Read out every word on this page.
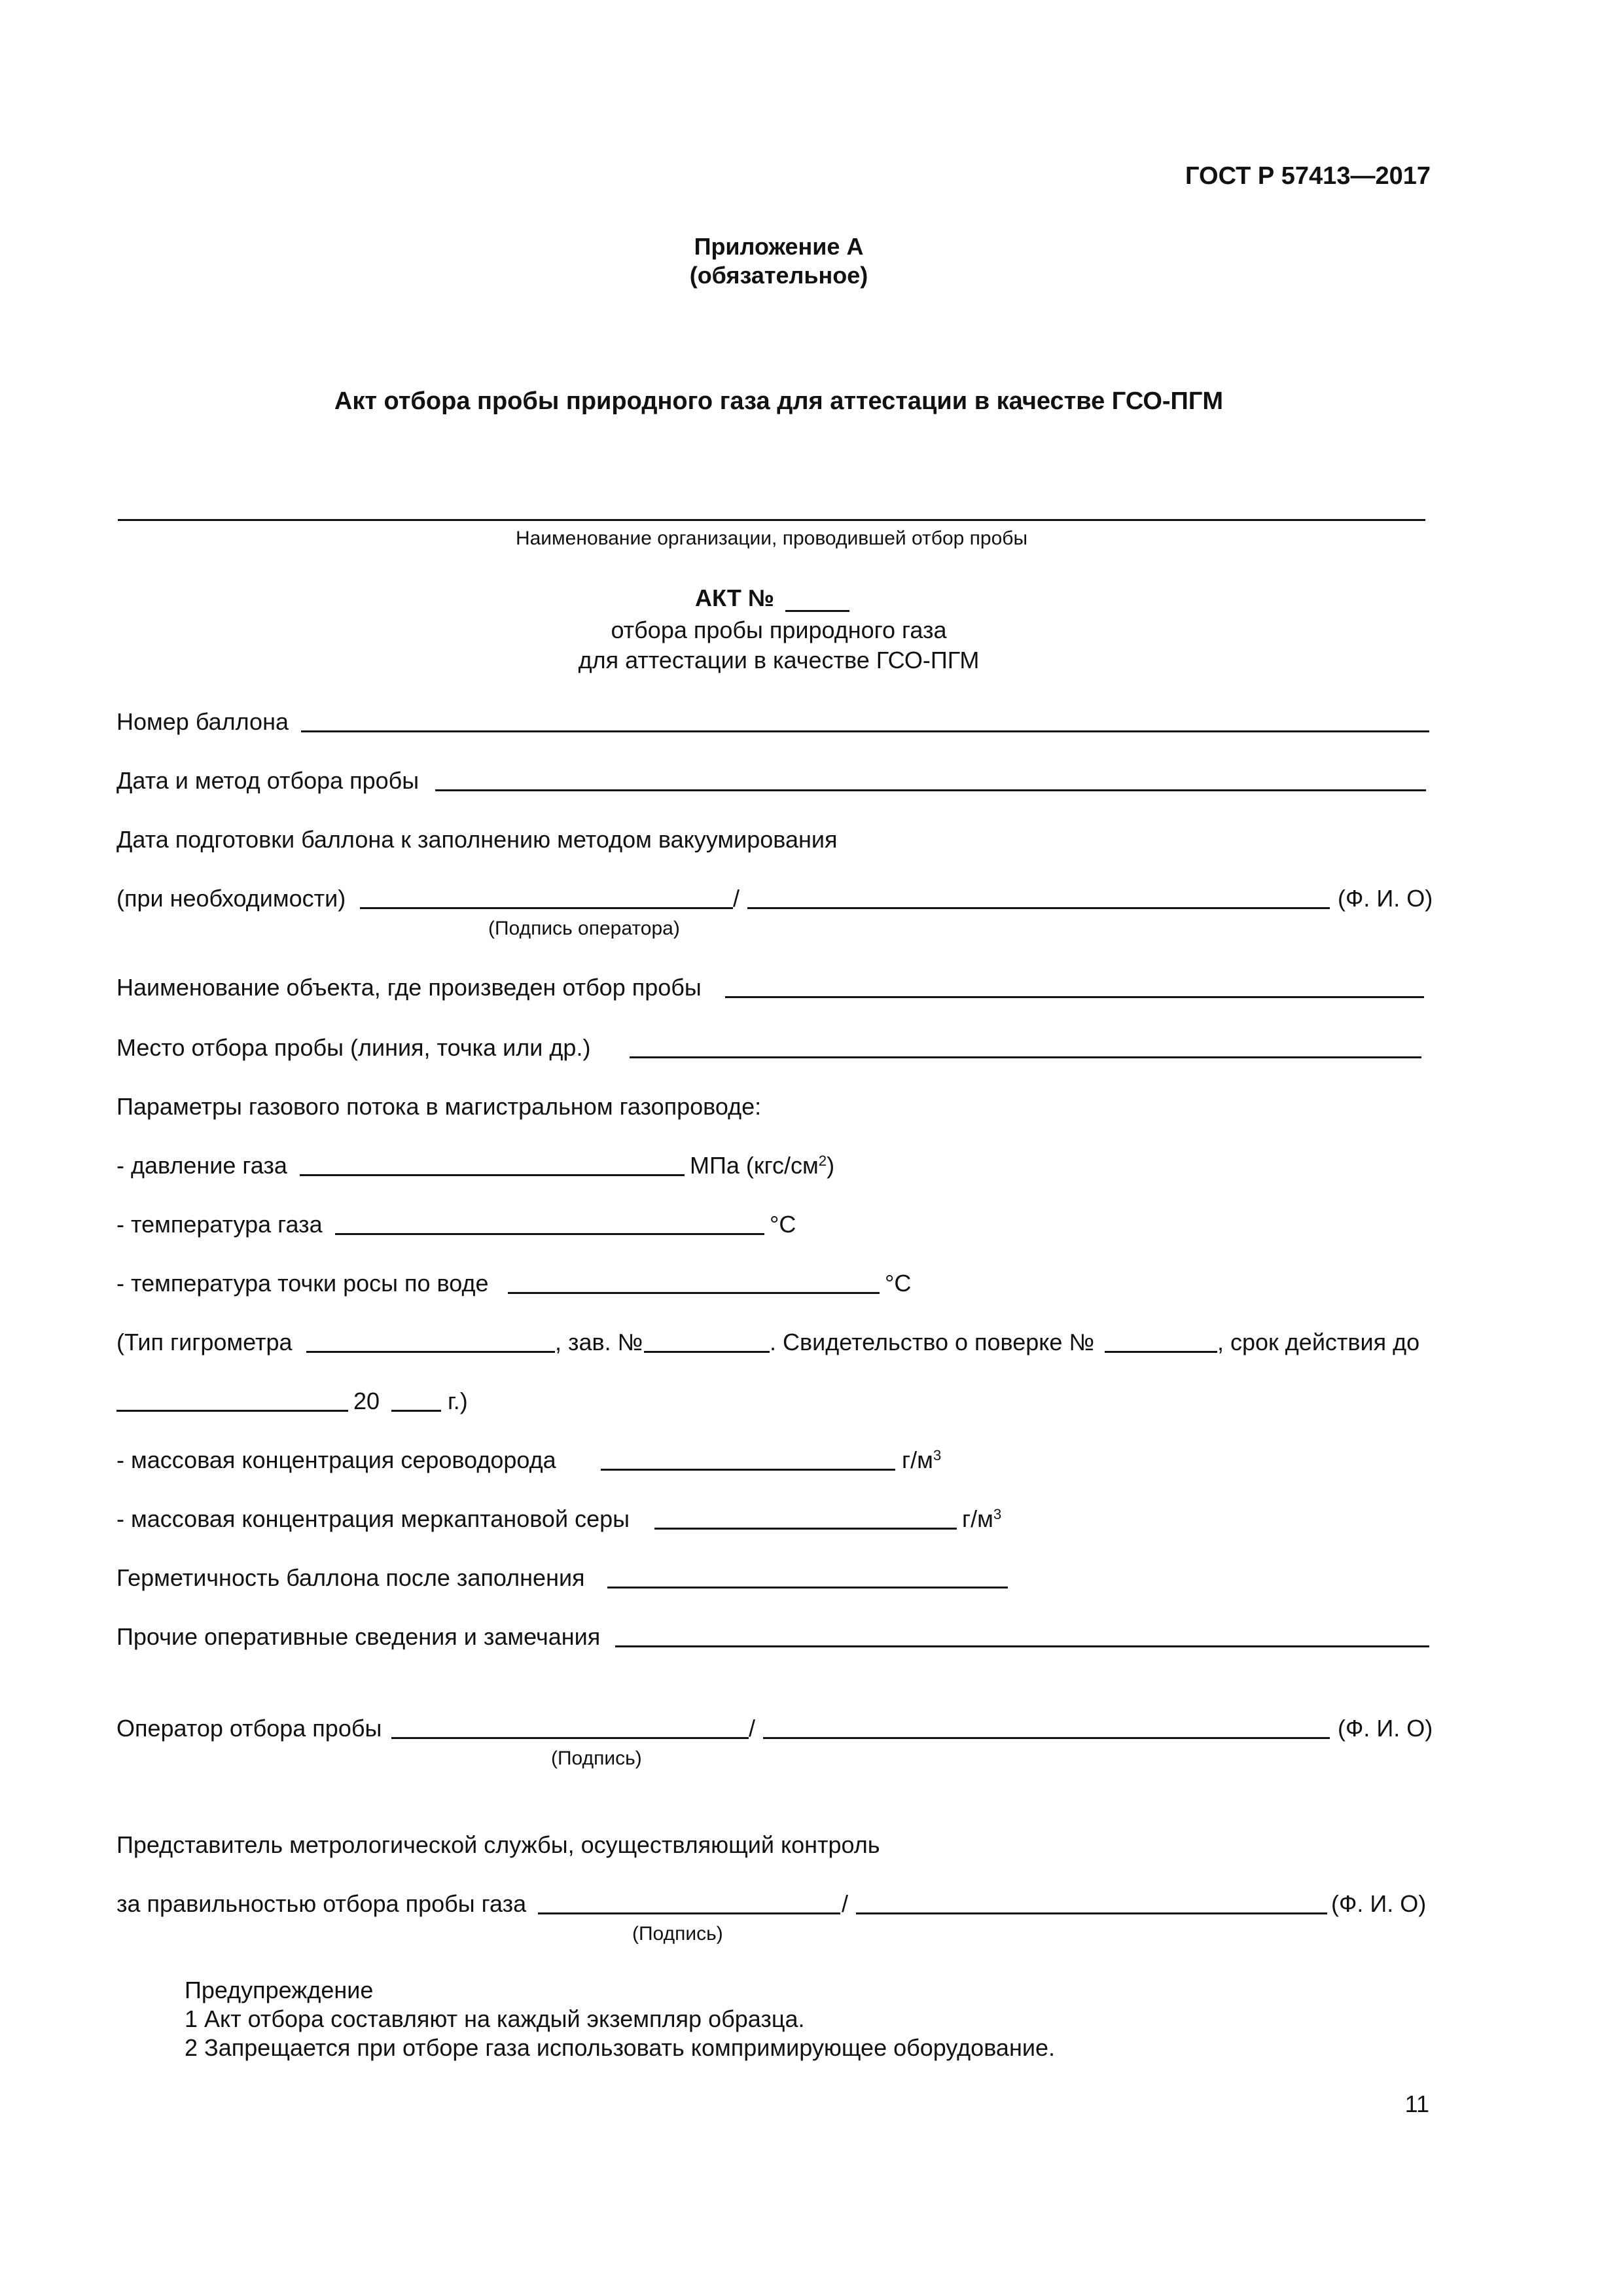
ГОСТ Р 57413—2017
Приложение А
(обязательное)
Акт отбора пробы природного газа для аттестации в качестве ГСО-ПГМ
Наименование организации, проводившей отбор пробы
АКТ №
отбора пробы природного газа
для аттестации в качестве ГСО-ПГМ
Номер баллона
Дата и метод отбора пробы
Дата подготовки баллона к заполнению методом вакуумирования
(при необходимости)	/	(Ф. И. О)
(Подпись оператора)
Наименование объекта, где произведен отбор пробы
Место отбора пробы (линия, точка или др.)
Параметры газового потока в магистральном газопроводе:
- давление газа	МПа $(кгс/см^2)$
- температура газа	°С
- температура точки росы по воде	°С
(Тип гигрометра	, зав. №	. Свидетельство о поверке №	, срок действия до
20	г.)
- массовая концентрация сероводорода	$г/м^3$
- массовая концентрация меркаптановой серы	$г/м^3$
Герметичность баллона после заполнения
Прочие оперативные сведения и замечания
Оператор отбора пробы	/	(Ф. И. О)
(Подпись)
Представитель метрологической службы, осуществляющий контроль
за правильностью отбора пробы газа	/	(Ф. И. О)
(Подпись)
Предупреждение
1 Акт отбора составляют на каждый экземпляр образца.
2 Запрещается при отборе газа использовать компримирующее оборудование.
11
